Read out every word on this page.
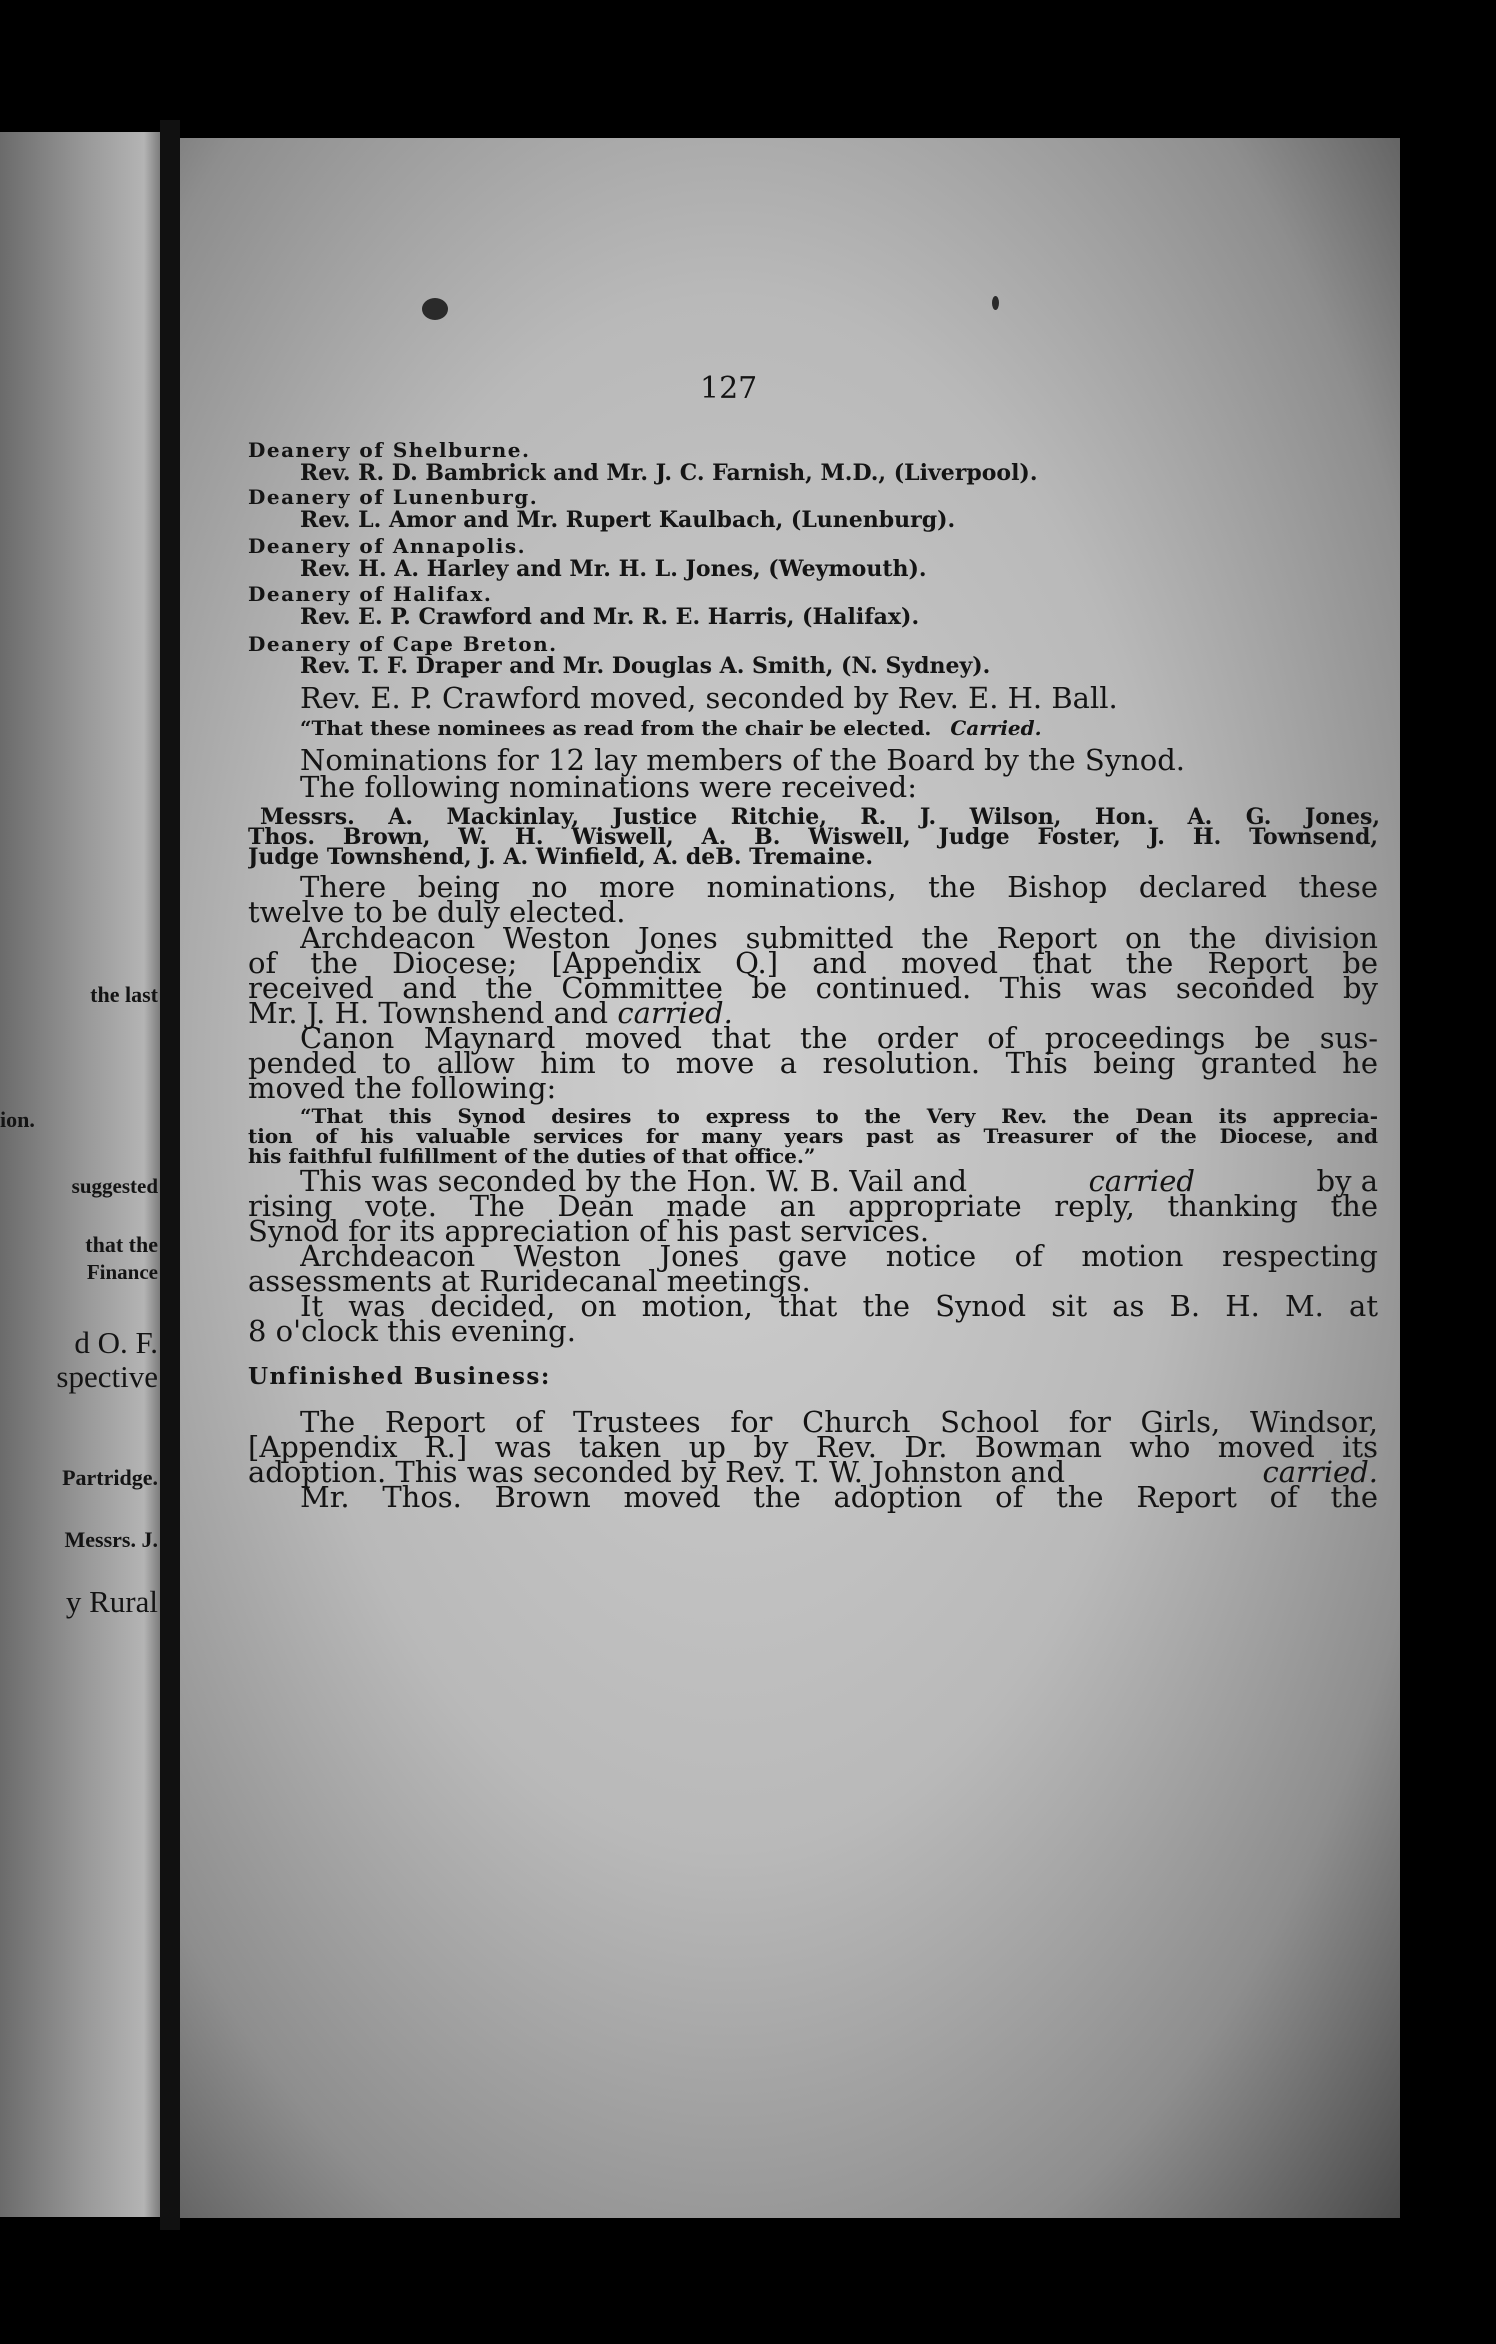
the last
ion.
suggested
that the
Finance
d O. F.
spective
Partridge.
Messrs. J.
y Rural
127
Deanery of Shelburne.
Rev. R. D. Bambrick and Mr. J. C. Farnish, M.D., (Liverpool).
Deanery of Lunenburg.
Rev. L. Amor and Mr. Rupert Kaulbach, (Lunenburg).
Deanery of Annapolis.
Rev. H. A. Harley and Mr. H. L. Jones, (Weymouth).
Deanery of Halifax.
Rev. E. P. Crawford and Mr. R. E. Harris, (Halifax).
Deanery of Cape Breton.
Rev. T. F. Draper and Mr. Douglas A. Smith, (N. Sydney).
Rev. E. P. Crawford moved, seconded by Rev. E. H. Ball.
“That these nominees as read from the chair be elected. Carried.
Nominations for 12 lay members of the Board by the Synod.
The following nominations were received:
Messrs. A. Mackinlay, Justice Ritchie, R. J. Wilson, Hon. A. G. Jones,
Thos. Brown, W. H. Wiswell, A. B. Wiswell, Judge Foster, J. H. Townsend,
Judge Townshend, J. A. Winfield, A. deB. Tremaine.
There being no more nominations, the Bishop declared these
twelve to be duly elected.
Archdeacon Weston Jones submitted the Report on the division
of the Diocese; [Appendix Q.] and moved that the Report be
received and the Committee be continued. This was seconded by
Mr. J. H. Townshend and carried.
Canon Maynard moved that the order of proceedings be sus-
pended to allow him to move a resolution. This being granted he
moved the following:
“That this Synod desires to express to the Very Rev. the Dean its apprecia-
tion of his valuable services for many years past as Treasurer of the Diocese, and
his faithful fulfillment of the duties of that office.”
This was seconded by the Hon. W. B. Vail and	carried	by a
rising vote. The Dean made an appropriate reply, thanking the
Synod for its appreciation of his past services.
Archdeacon Weston Jones gave notice of motion respecting
assessments at Ruridecanal meetings.
It was decided, on motion, that the Synod sit as B. H. M. at
8 o'clock this evening.
Unfinished Business:
The Report of Trustees for Church School for Girls, Windsor,
[Appendix R.] was taken up by Rev. Dr. Bowman who moved its
adoption. This was seconded by Rev. T. W. Johnston and	carried.
Mr. Thos. Brown moved the adoption of the Report of the
